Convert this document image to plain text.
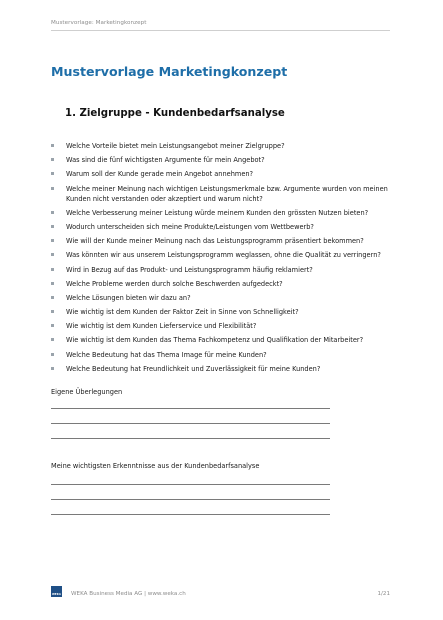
Mustervorlage: Marketingkonzept
Mustervorlage Marketingkonzept
1. Zielgruppe - Kundenbedarfsanalyse
Welche Vorteile bietet mein Leistungsangebot meiner Zielgruppe?
Was sind die fünf wichtigsten Argumente für mein Angebot?
Warum soll der Kunde gerade mein Angebot annehmen?
Welche meiner Meinung nach wichtigen Leistungsmerkmale bzw. Argumente wurden von meinen Kunden nicht verstanden oder akzeptiert und warum nicht?
Welche Verbesserung meiner Leistung würde meinem Kunden den grössten Nutzen bieten?
Wodurch unterscheiden sich meine Produkte/Leistungen vom Wettbewerb?
Wie will der Kunde meiner Meinung nach das Leistungsprogramm präsentiert bekommen?
Was könnten wir aus unserem Leistungsprogramm weglassen, ohne die Qualität zu verringern?
Wird in Bezug auf das Produkt- und Leistungsprogramm häufig reklamiert?
Welche Probleme werden durch solche Beschwerden aufgedeckt?
Welche Lösungen bieten wir dazu an?
Wie wichtig ist dem Kunden der Faktor Zeit in Sinne von Schnelligkeit?
Wie wichtig ist dem Kunden Lieferservice und Flexibilität?
Wie wichtig ist dem Kunden das Thema Fachkompetenz und Qualifikation der Mitarbeiter?
Welche Bedeutung hat das Thema Image für meine Kunden?
Welche Bedeutung hat Freundlichkeit und Zuverlässigkeit für meine Kunden?
Eigene Überlegungen
Meine wichtigsten Erkenntnisse aus der Kundenbedarfsanalyse
WEKA WEKA Business Media AG | www.weka.ch	1/21
